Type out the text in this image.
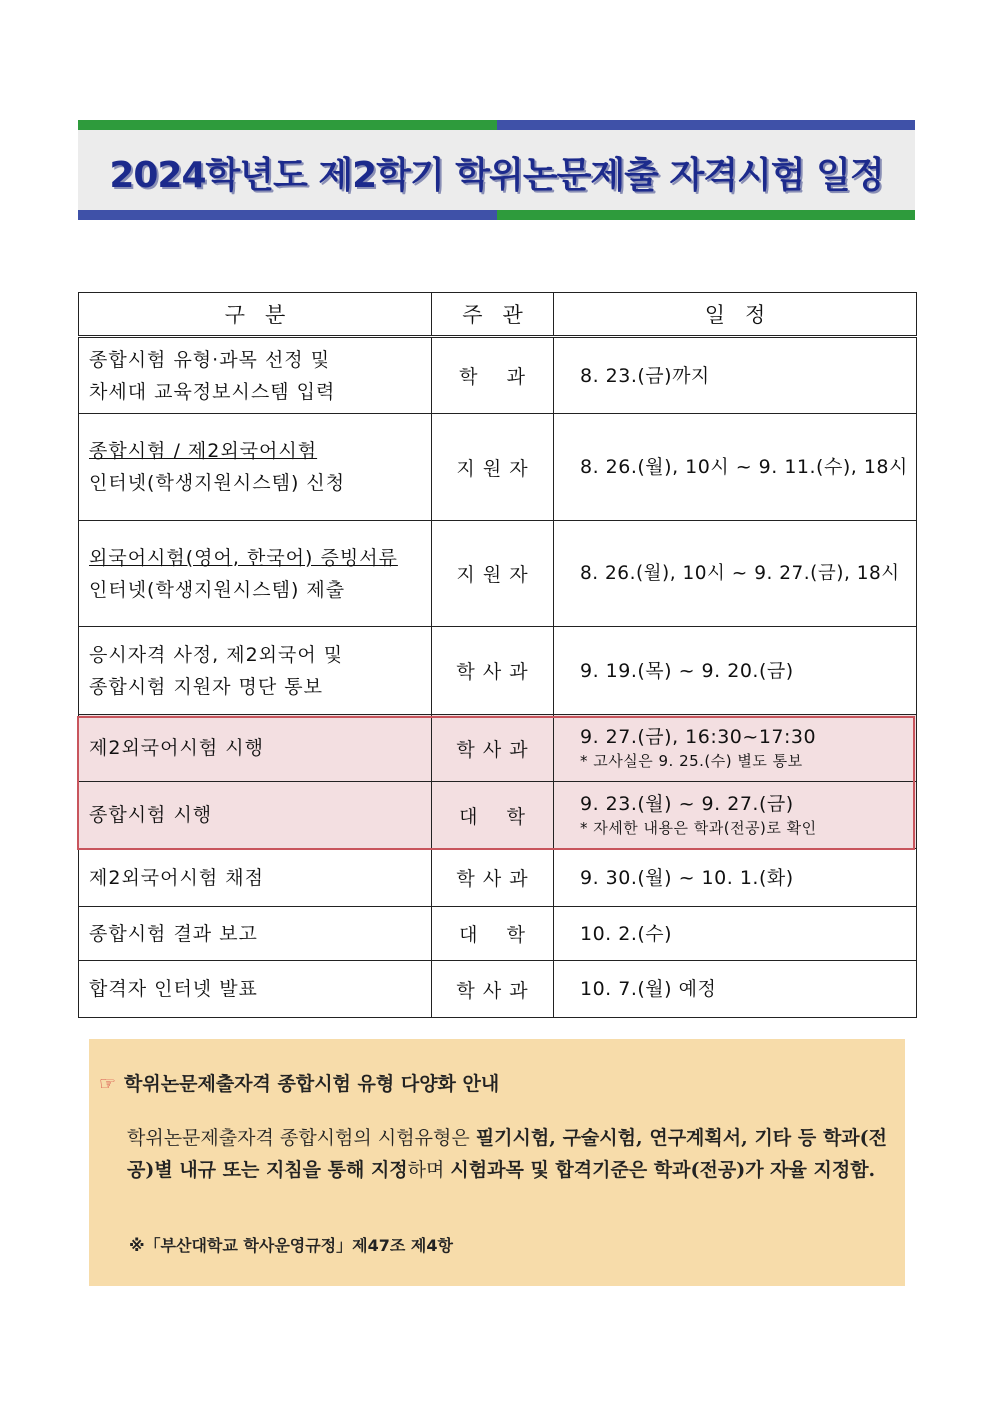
2024학년도 제2학기 학위논문제출 자격시험 일정
구   분	주   관	일   정

종합시험 유형·과목 선정 및
차세대 교육정보시스템 입력	학    과	8. 23.(금)까지

종합시험 / 제2외국어시험
인터넷(학생지원시스템) 신청	지 원 자	8. 26.(월), 10시 ~ 9. 11.(수), 18시

외국어시험(영어, 한국어) 증빙서류
인터넷(학생지원시스템) 제출	지 원 자	8. 26.(월), 10시 ~ 9. 27.(금), 18시

응시자격 사정, 제2외국어 및
종합시험 지원자 명단 통보	학 사 과	9. 19.(목) ~ 9. 20.(금)

제2외국어시험 시행	학 사 과	9. 27.(금), 16:30~17:30
* 고사실은 9. 25.(수) 별도 통보

종합시험 시행	대    학	9. 23.(월) ~ 9. 27.(금)
* 자세한 내용은 학과(전공)로 확인

제2외국어시험 채점	학 사 과	9. 30.(월) ~ 10. 1.(화)

종합시험 결과 보고	대    학	10. 2.(수)

합격자 인터넷 발표	학 사 과	10. 7.(월) 예정
☞ 학위논문제출자격 종합시험 유형 다양화 안내
학위논문제출자격 종합시험의 시험유형은 필기시험, 구술시험, 연구계획서, 기타 등 학과(전공)별 내규 또는 지침을 통해 지정하며 시험과목 및 합격기준은 학과(전공)가 자율 지정함.
※「부산대학교 학사운영규정」제47조 제4항
